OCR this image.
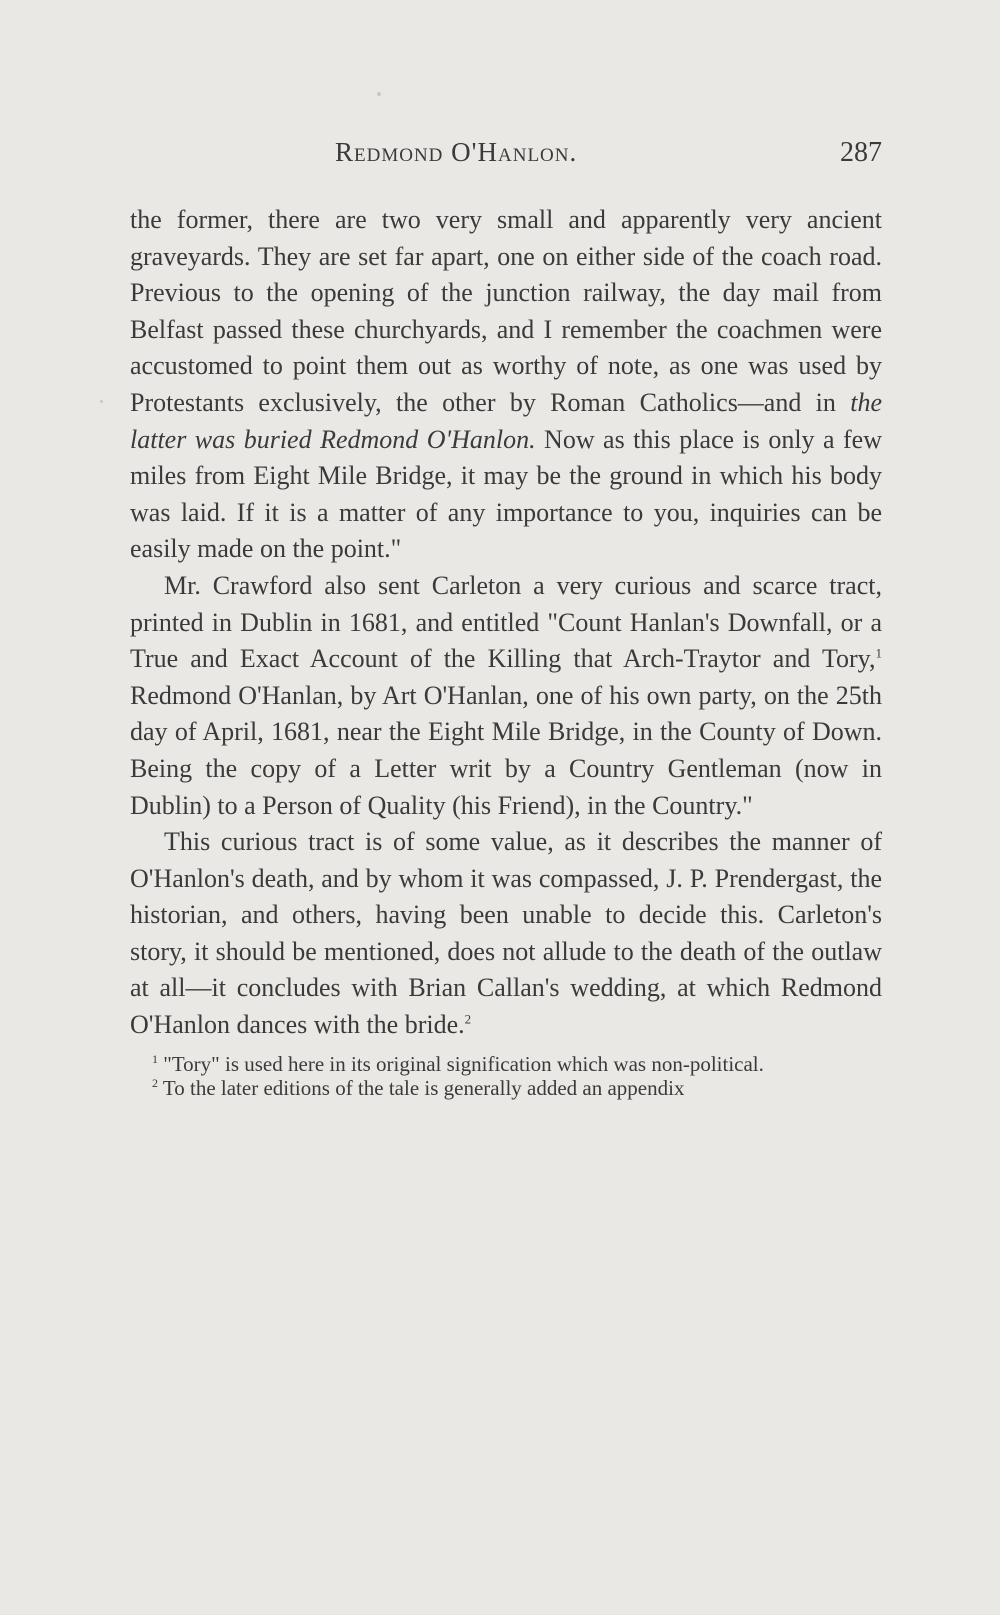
Redmond O'Hanlon.	287

the former, there are two very small and apparently very ancient graveyards. They are set far apart, one on either side of the coach road. Previous to the opening of the junction railway, the day mail from Belfast passed these churchyards, and I remember the coachmen were accustomed to point them out as worthy of note, as one was used by Protestants exclusively, the other by Roman Catholics—and in the latter was buried Redmond O'Hanlon. Now as this place is only a few miles from Eight Mile Bridge, it may be the ground in which his body was laid. If it is a matter of any importance to you, inquiries can be easily made on the point."

Mr. Crawford also sent Carleton a very curious and scarce tract, printed in Dublin in 1681, and entitled "Count Hanlan's Downfall, or a True and Exact Account of the Killing that Arch-Traytor and Tory,$^1$ Redmond O'Hanlan, by Art O'Hanlan, one of his own party, on the 25th day of April, 1681, near the Eight Mile Bridge, in the County of Down. Being the copy of a Letter writ by a Country Gentleman (now in Dublin) to a Person of Quality (his Friend), in the Country."

This curious tract is of some value, as it describes the manner of O'Hanlon's death, and by whom it was compassed, J. P. Prendergast, the historian, and others, having been unable to decide this. Carleton's story, it should be mentioned, does not allude to the death of the outlaw at all—it concludes with Brian Callan's wedding, at which Redmond O'Hanlon dances with the bride.$^2$

$^1$ "Tory" is used here in its original signification which was non-political.

$^2$ To the later editions of the tale is generally added an appendix
